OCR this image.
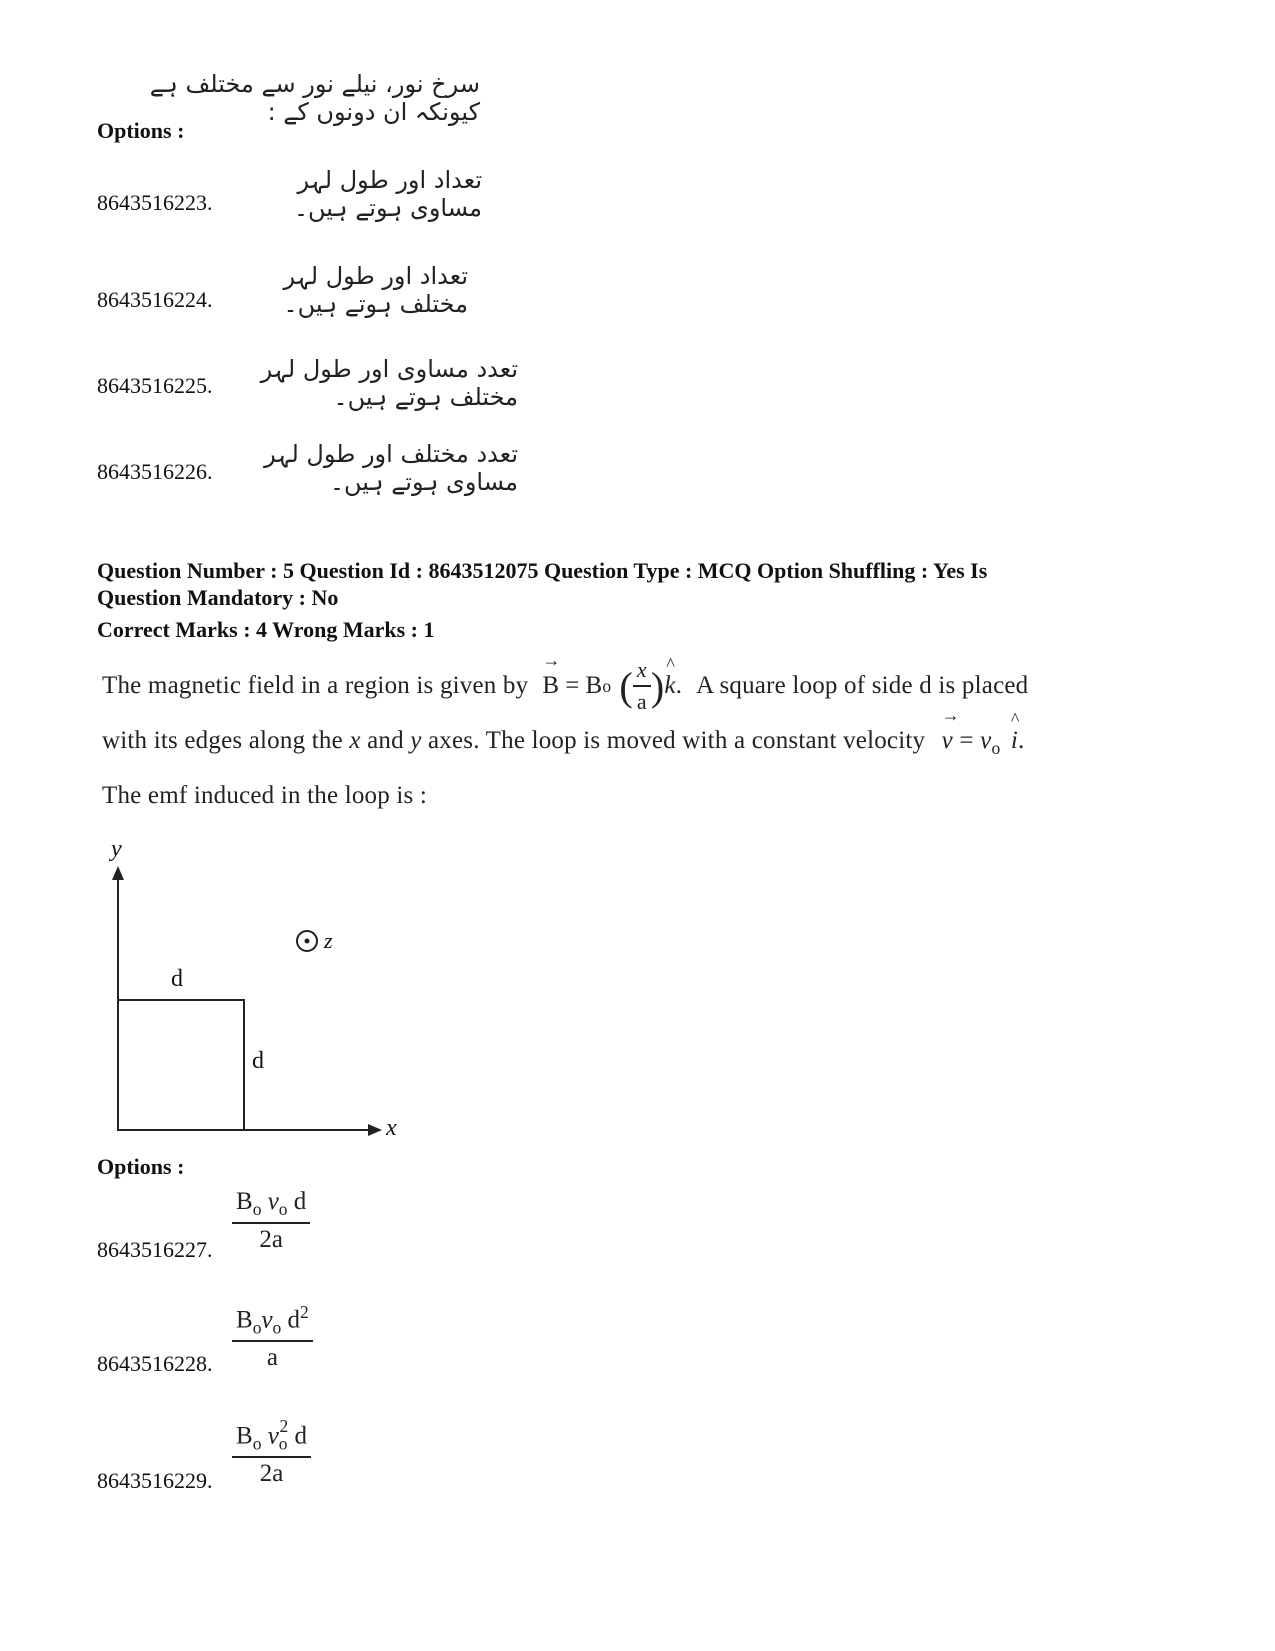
سرخ نور، نیلے نور سے مختلف ہے کیونکہ ان دونوں کے :
Options :
8643516223.
تعداد اور طول لہر مساوی ہوتے ہیں۔
8643516224.
تعداد اور طول لہر مختلف ہوتے ہیں۔
8643516225.
تعدد مساوی اور طول لہر مختلف ہوتے ہیں۔
8643516226.
تعدد مختلف اور طول لہر مساوی ہوتے ہیں۔
Question Number : 5 Question Id : 8643512075 Question Type : MCQ Option Shuffling : Yes Is
Question Mandatory : No
Correct Marks : 4 Wrong Marks : 1
The magnetic field in a region is given by
→
B = B o ( $\frac{x}{a}$ ) ^
k . A square loop of side d is placed
with its edges along the x and y axes. The loop is moved with a constant velocity
→
$v = v_o$
^
i.
The emf induced in the loop is :
y
x
z
d
d
Options :
8643516227. $\frac{B_o v_o d}{2a}$
8643516228. $\frac{B_ov_o d^2}{a}$
8643516229. $\frac{B_o v_o^2 d}{2a}$
